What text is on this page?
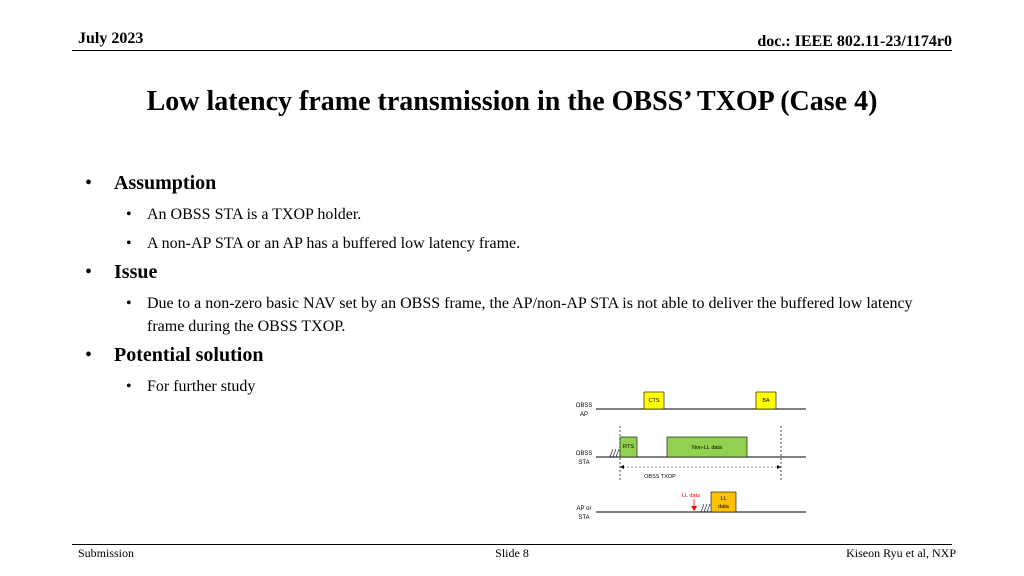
July 2023	doc.: IEEE 802.11-23/1174r0
Low latency frame transmission in the OBSS’ TXOP (Case 4)
• Assumption
• An OBSS STA is a TXOP holder.
• A non-AP STA or an AP has a buffered low latency frame.
• Issue
• Due to a non-zero basic NAV set by an OBSS frame, the AP/non-AP STA is not able to deliver the buffered low latency frame during the OBSS TXOP.
• Potential solution
• For further study
OBSS
AP
OBSS
STA
AP or
STA
CTS	BA
RTS	Non-LL data
OBSS TXOP
LL data	LL
data
Submission	Slide 8	Kiseon Ryu et al, NXP
